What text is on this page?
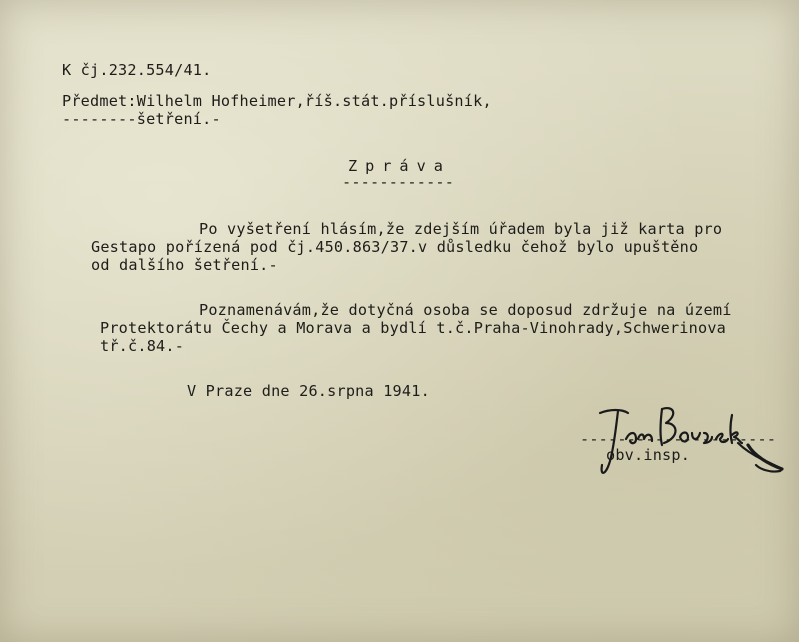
K čj.232.554/41.
Předmet:Wilhelm Hofheimer,říš.stát.příslušník,
--------šetření.-
Zpráva
------------
Po vyšetření hlásím,že zdejším úřadem byla již karta pro
Gestapo pořízená pod čj.450.863/37.v důsledku čehož bylo upuštěno
od dalšího šetření.-
Poznamenávám,že dotyčná osoba se doposud zdržuje na území
Protektorátu Čechy a Morava a bydlí t.č.Praha-Vinohrady,Schwerinova
tř.č.84.-
V Praze dne 26.srpna 1941.
---------------------
obv.insp.
